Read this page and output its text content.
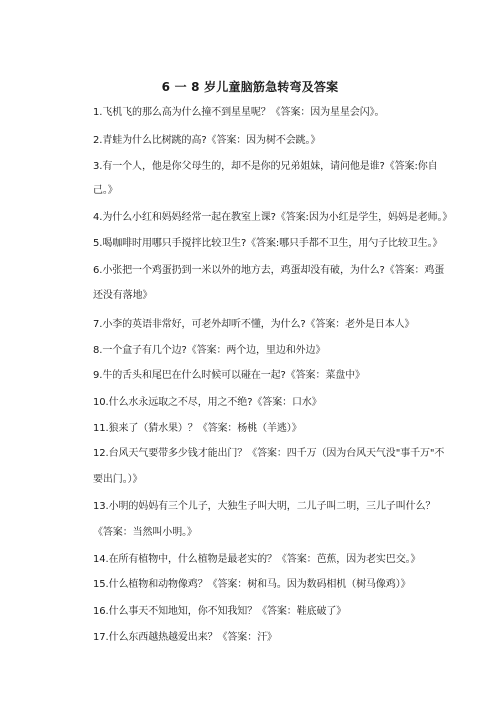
6 一 8 岁儿童脑筋急转弯及答案
1.飞机飞的那么高为什么撞不到星星呢？《答案：因为星星会闪》。
2.青蛙为什么比树跳的高?《答案：因为树不会跳。》
3.有一个人，他是你父母生的，却不是你的兄弟姐妹，请问他是谁?《答案:你自
己。》
4.为什么小红和妈妈经常一起在教室上课?《答案:因为小红是学生，妈妈是老师。》
5.喝咖啡时用哪只手搅拌比较卫生?《答案:哪只手都不卫生，用勺子比较卫生。》
6.小张把一个鸡蛋扔到一米以外的地方去，鸡蛋却没有破，为什么?《答案：鸡蛋
还没有落地》
7.小李的英语非常好，可老外却听不懂，为什么?《答案：老外是日本人》
8.一个盒子有几个边?《答案：两个边，里边和外边》
9.牛的舌头和尾巴在什么时候可以碰在一起?《答案：菜盘中》
10.什么水永远取之不尽，用之不绝?《答案：口水》
11.狼来了（猜水果）？《答案：杨桃（羊逃）》
12.台风天气要带多少钱才能出门？《答案：四千万（因为台风天气没"事千万"不
要出门。）》
13.小明的妈妈有三个儿子，大独生子叫大明，二儿子叫二明，三儿子叫什么？
《答案：当然叫小明。》
14.在所有植物中，什么植物是最老实的？《答案：芭蕉，因为老实巴交。》
15.什么植物和动物像鸡？《答案：树和马。因为数码相机（树马像鸡）》
16.什么事天不知地知，你不知我知？《答案：鞋底破了》
17.什么东西越热越爱出来？《答案：汗》
